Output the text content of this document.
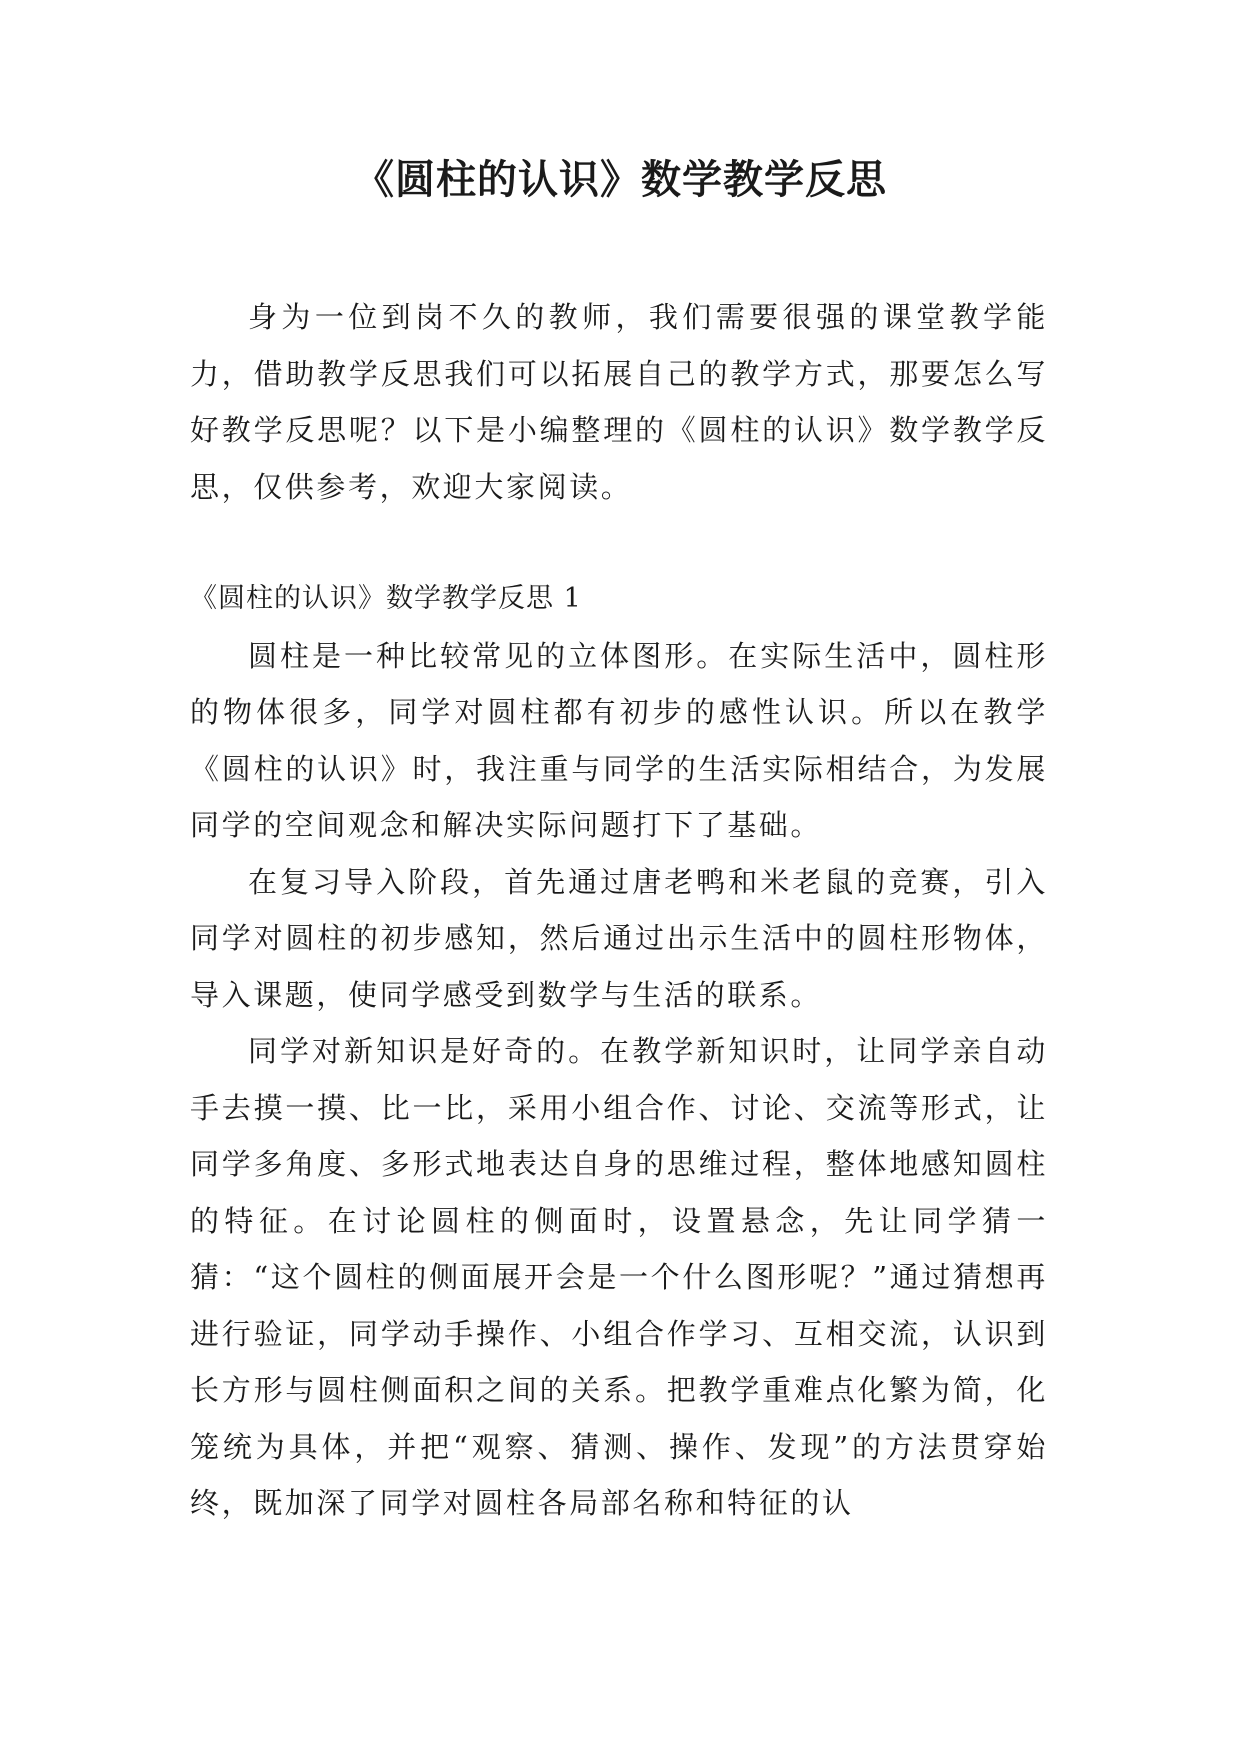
《圆柱的认识》数学教学反思

身为一位到岗不久的教师，我们需要很强的课堂教学能力，借助教学反思我们可以拓展自己的教学方式，那要怎么写好教学反思呢？以下是小编整理的《圆柱的认识》数学教学反思，仅供参考，欢迎大家阅读。

《圆柱的认识》数学教学反思 1

圆柱是一种比较常见的立体图形。在实际生活中，圆柱形的物体很多，同学对圆柱都有初步的感性认识。所以在教学《圆柱的认识》时，我注重与同学的生活实际相结合，为发展同学的空间观念和解决实际问题打下了基础。

在复习导入阶段，首先通过唐老鸭和米老鼠的竞赛，引入同学对圆柱的初步感知，然后通过出示生活中的圆柱形物体，导入课题，使同学感受到数学与生活的联系。

同学对新知识是好奇的。在教学新知识时，让同学亲自动手去摸一摸、比一比，采用小组合作、讨论、交流等形式，让同学多角度、多形式地表达自身的思维过程，整体地感知圆柱的特征。在讨论圆柱的侧面时，设置悬念，先让同学猜一猜：“这个圆柱的侧面展开会是一个什么图形呢？”通过猜想再进行验证，同学动手操作、小组合作学习、互相交流，认识到长方形与圆柱侧面积之间的关系。把教学重难点化繁为简，化笼统为具体，并把“观察、猜测、操作、发现”的方法贯穿始终，既加深了同学对圆柱各局部名称和特征的认
